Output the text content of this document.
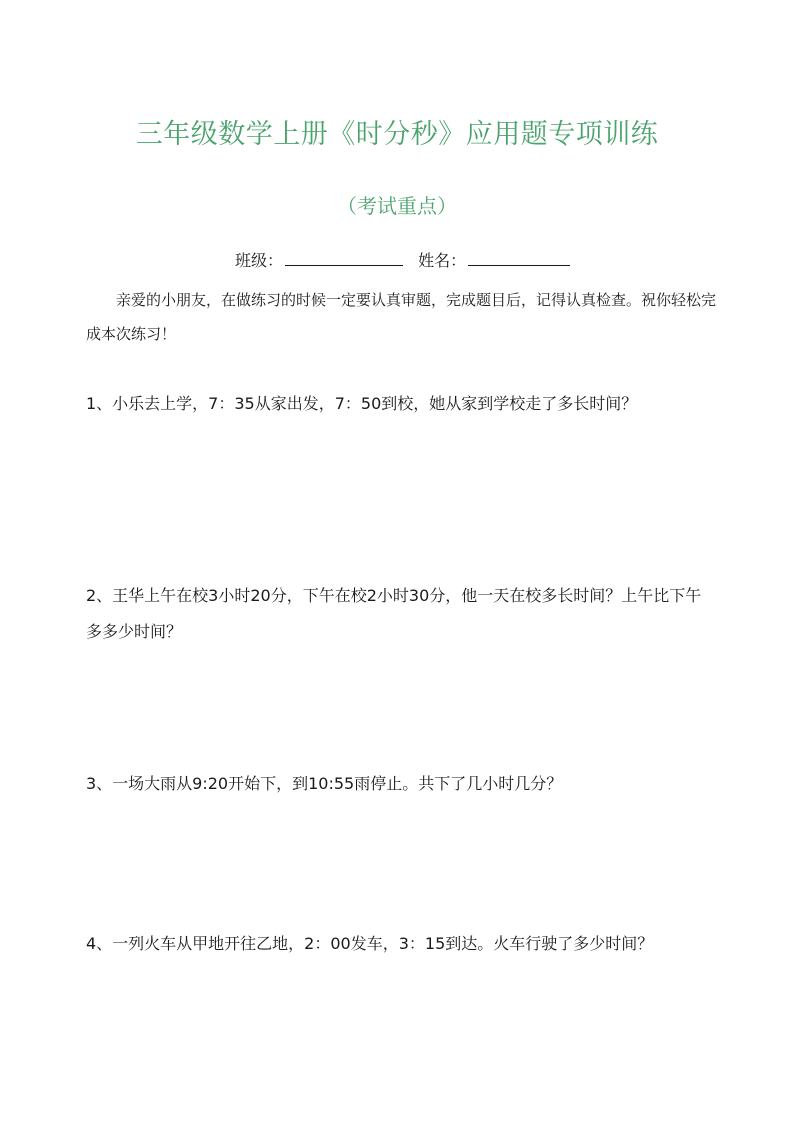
三年级数学上册《时分秒》应用题专项训练
（考试重点）
班级：	姓名：
亲爱的小朋友，在做练习的时候一定要认真审题，完成题目后，记得认真检查。祝你轻松完成本次练习！
1、小乐去上学，7：35从家出发，7：50到校，她从家到学校走了多长时间？
2、王华上午在校3小时20分，下午在校2小时30分，他一天在校多长时间？上午比下午多多少时间？
3、一场大雨从9:20开始下，到10:55雨停止。共下了几小时几分？
4、一列火车从甲地开往乙地，2：00发车，3：15到达。火车行驶了多少时间？
